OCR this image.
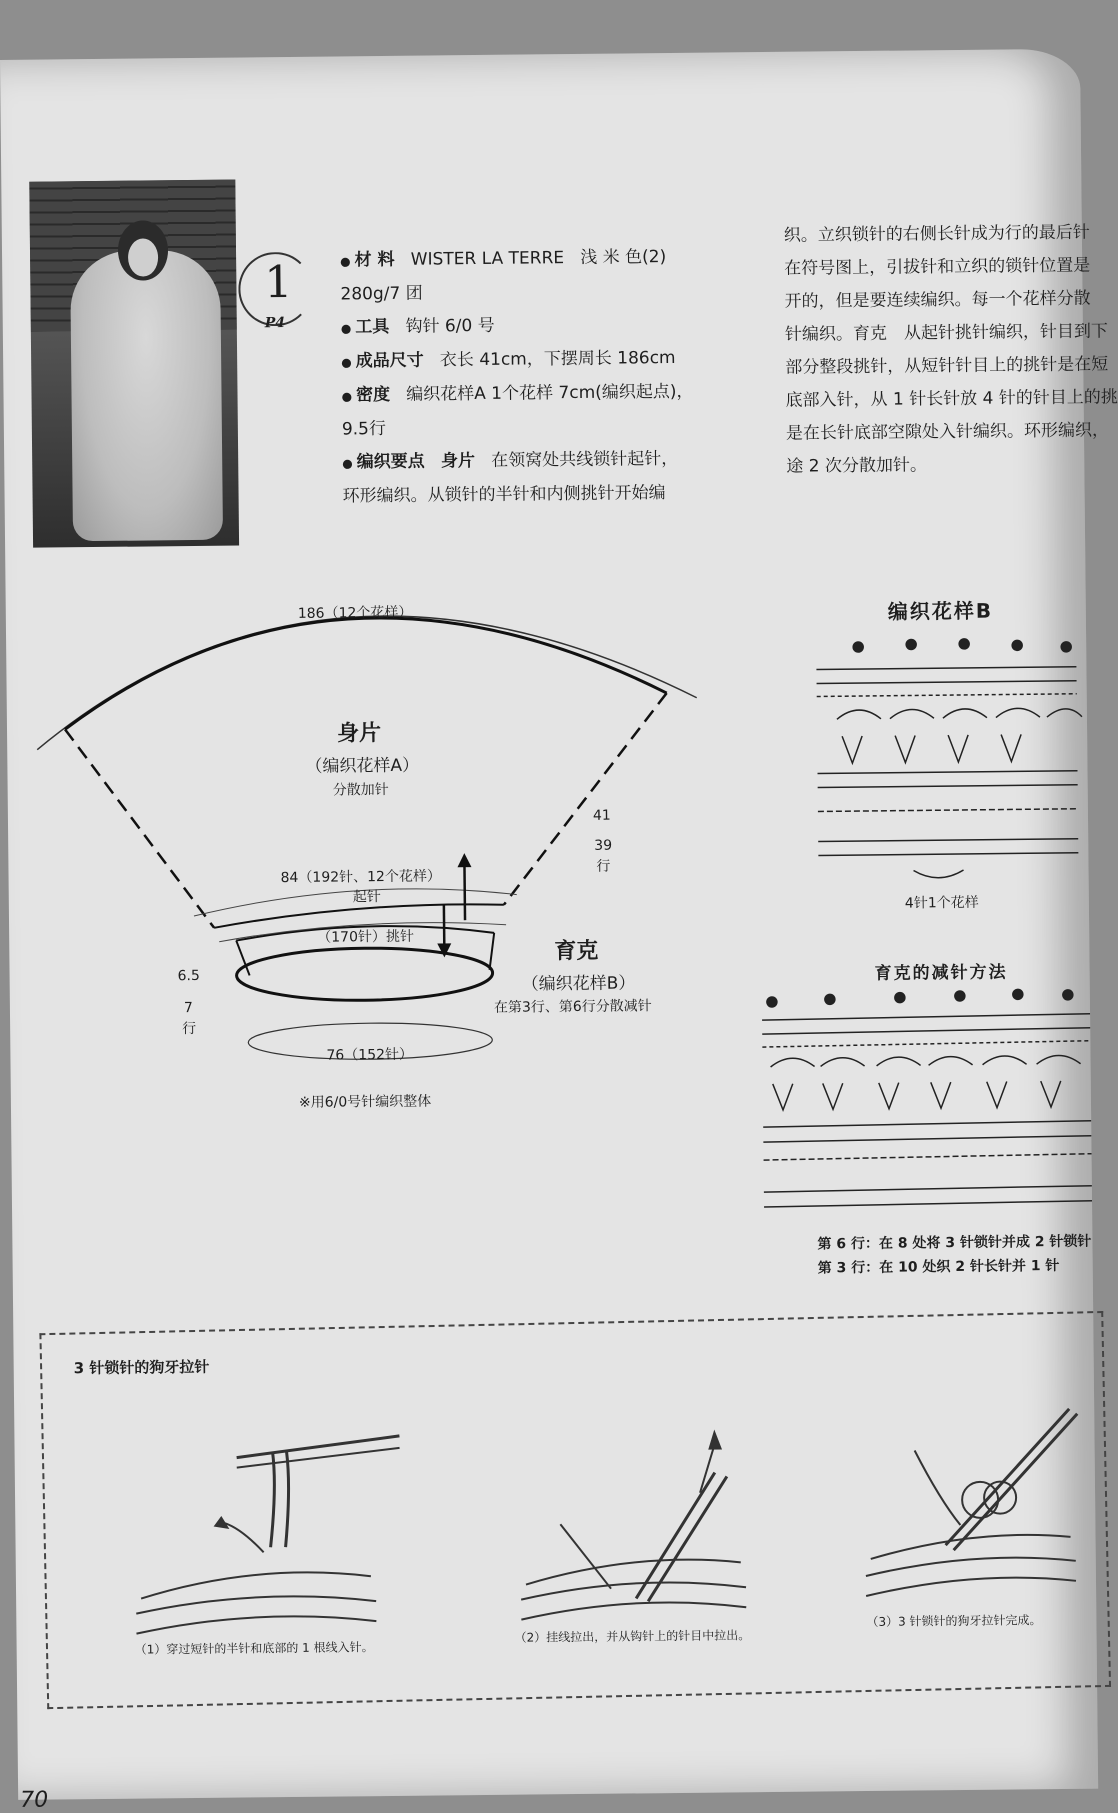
1
P4
● 材 料 WISTER LA TERRE 浅 米 色(2)
280g/7 团
● 工具 钩针 6/0 号
● 成品尺寸 衣长 41cm，下摆周长 186cm
● 密度 编织花样A 1个花样 7cm(编织起点)，
9.5行
● 编织要点 身片 在领窝处共线锁针起针，
环形编织。从锁针的半针和内侧挑针开始编
织。立织锁针的右侧长针成为行的最后针
在符号图上，引拔针和立织的锁针位置是
开的，但是要连续编织。每一个花样分散
针编织。育克　从起针挑针编织，针目到下
部分整段挑针，从短针针目上的挑针是在短
底部入针，从 1 针长针放 4 针的针目上的挑
是在长针底部空隙处入针编织。环形编织，
途 2 次分散加针。
186（12个花样）
身片
（编织花样A）
分散加针
41
39
行
84（192针、12个花样）
起针
（170针）挑针
育克
（编织花样B）
在第3行、第6行分散减针
6.5
7
行
76（152针）
※用6/0号针编织整体
编织花样B
4针1个花样
育克的减针方法
第 6 行：在 8 处将 3 针锁针并成 2 针锁针
第 3 行：在 10 处织 2 针长针并 1 针
3 针锁针的狗牙拉针
（1）穿过短针的半针和底部的 1 根线入针。
（2）挂线拉出，并从钩针上的针目中拉出。
（3）3 针锁针的狗牙拉针完成。
70
